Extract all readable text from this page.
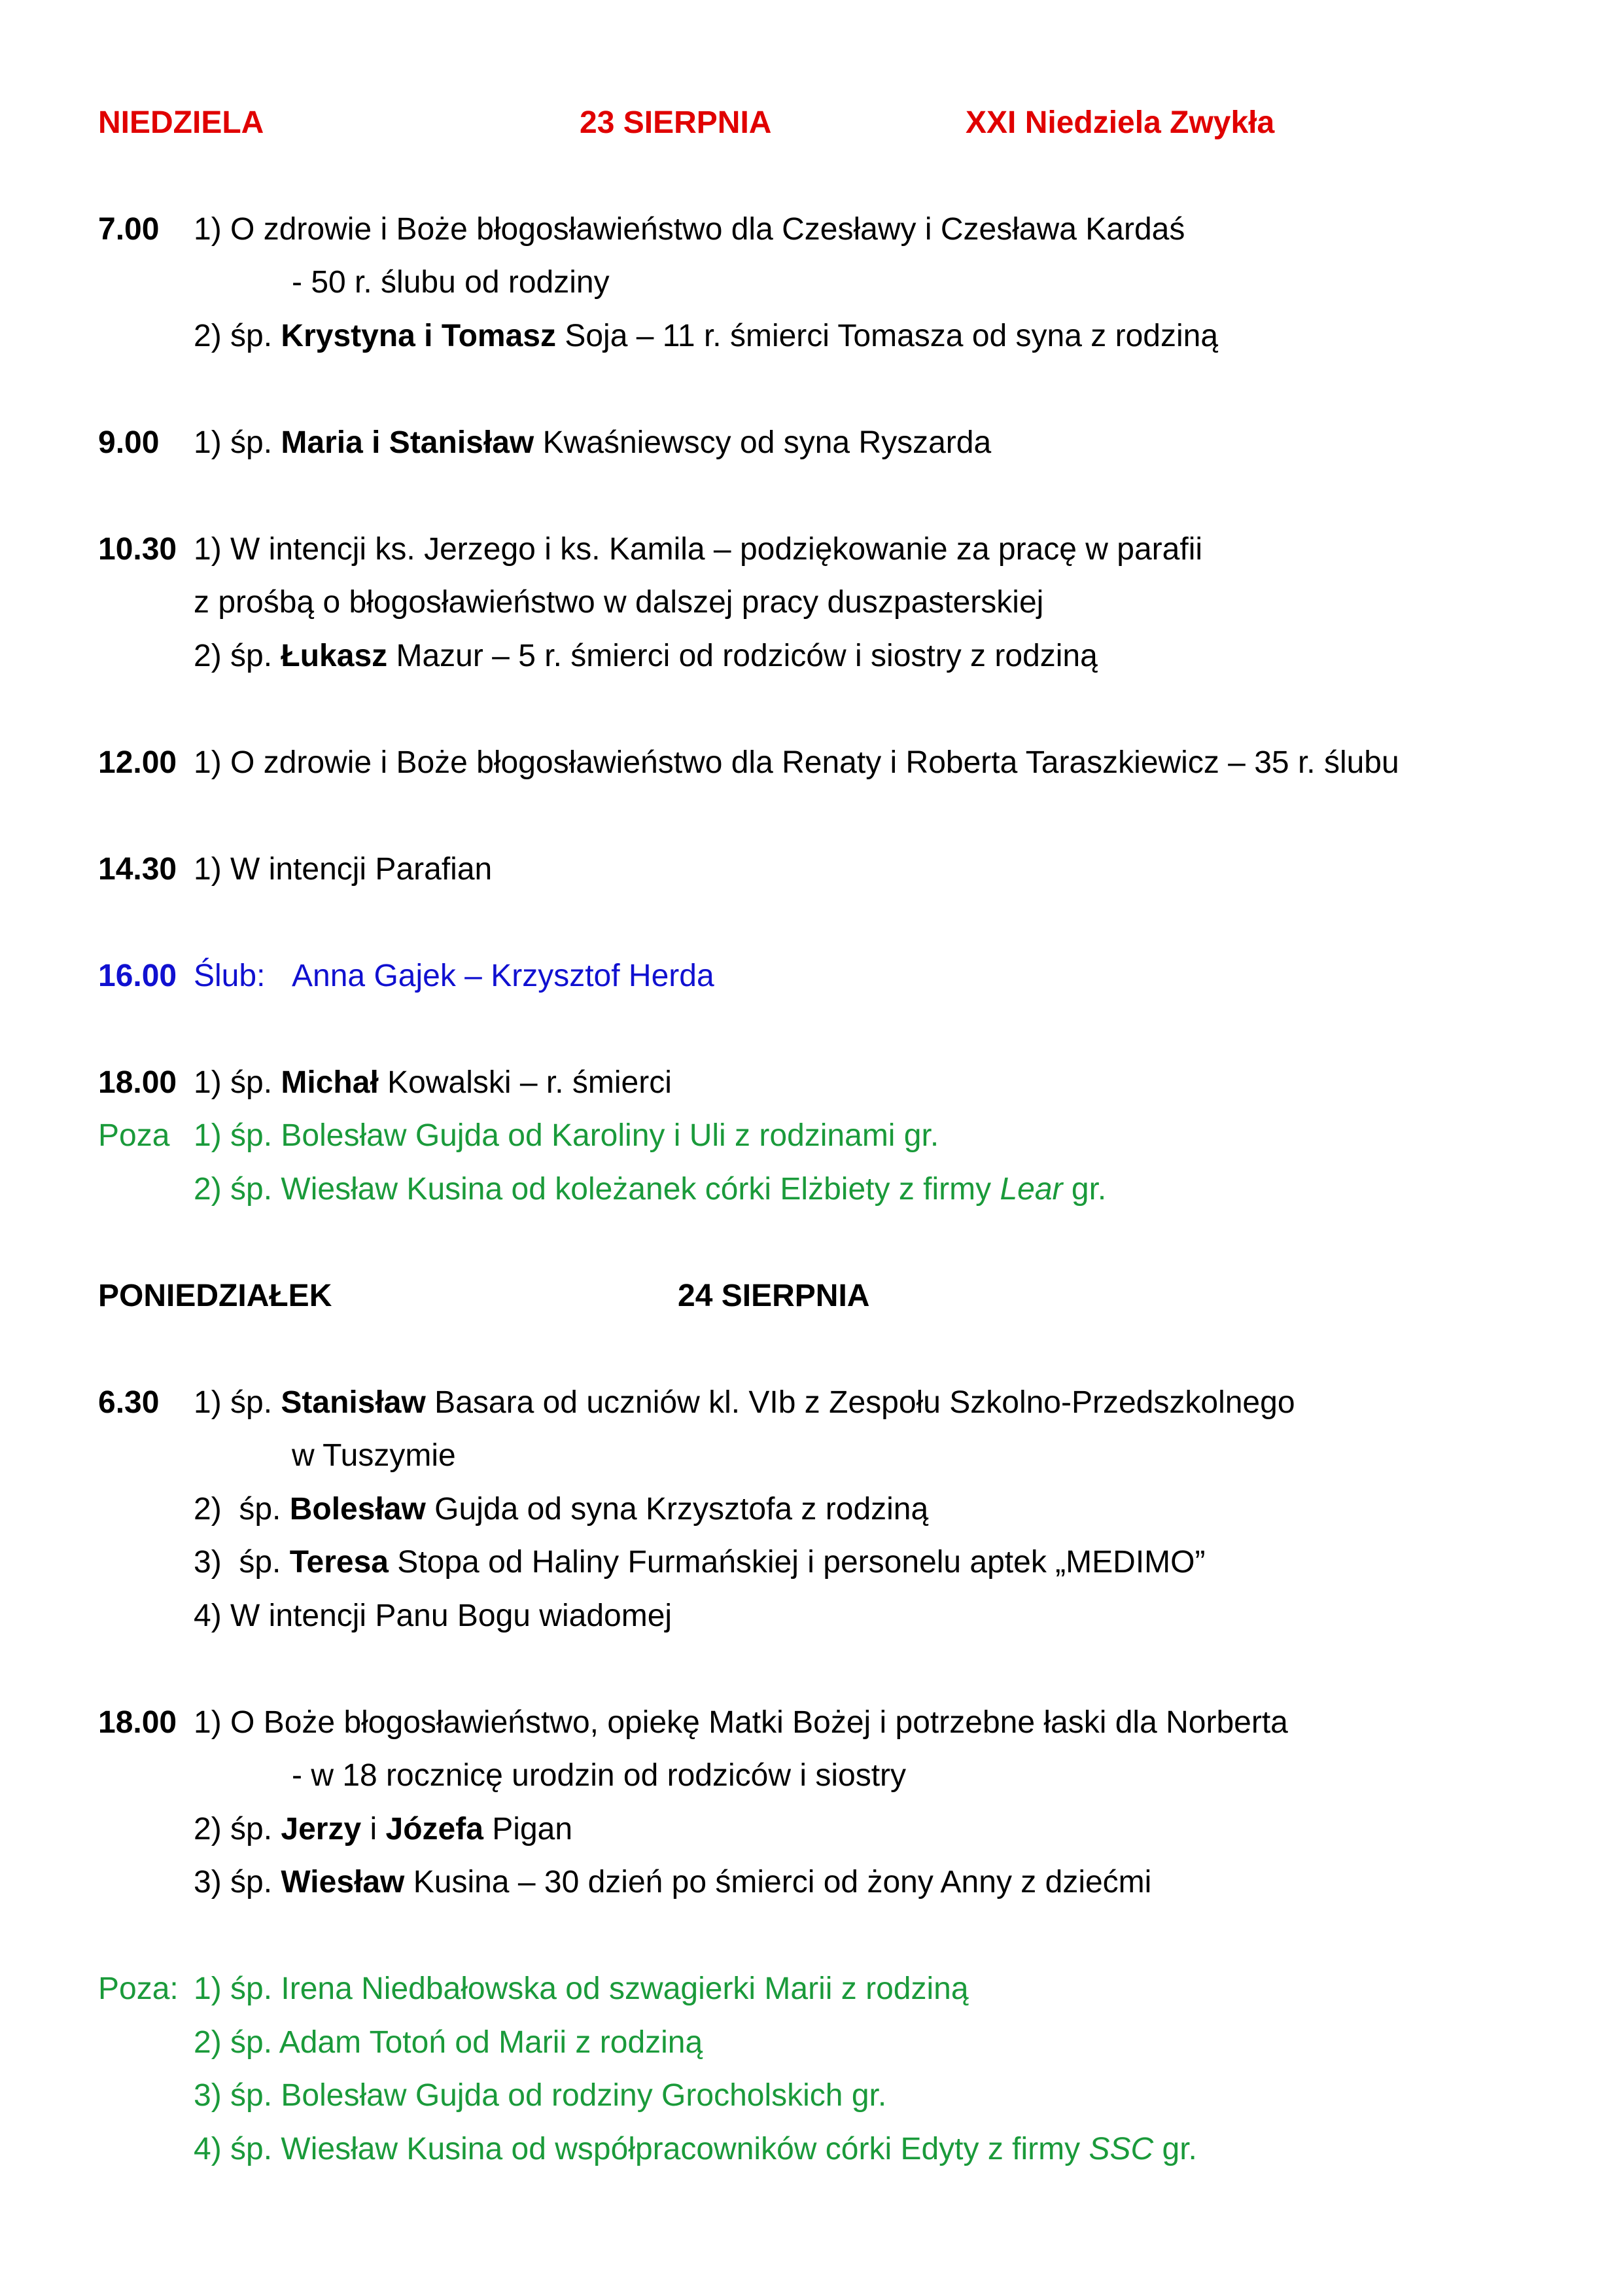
NIEDZIELA	23 SIERPNIA	XXI Niedziela Zwykła
7.00 1) O zdrowie i Boże błogosławieństwo dla Czesławy i Czesława Kardaś
- 50 r. ślubu od rodziny
2) śp. Krystyna i Tomasz Soja – 11 r. śmierci Tomasza od syna z rodziną
9.00 1) śp. Maria i Stanisław Kwaśniewscy od syna Ryszarda
10.30 1) W intencji ks. Jerzego i ks. Kamila – podziękowanie za pracę w parafii
z prośbą o błogosławieństwo w dalszej pracy duszpasterskiej
2) śp. Łukasz Mazur – 5 r. śmierci od rodziców i siostry z rodziną
12.00 1) O zdrowie i Boże błogosławieństwo dla Renaty i Roberta Taraszkiewicz – 35 r. ślubu
14.30 1) W intencji Parafian
16.00 Ślub: Anna Gajek – Krzysztof Herda
18.00 1) śp. Michał Kowalski – r. śmierci
Poza 1) śp. Bolesław Gujda od Karoliny i Uli z rodzinami gr.
2) śp. Wiesław Kusina od koleżanek córki Elżbiety z firmy Lear gr.
PONIEDZIAŁEK	24 SIERPNIA
6.30 1) śp. Stanisław Basara od uczniów kl. VIb z Zespołu Szkolno-Przedszkolnego
w Tuszymie
2) śp. Bolesław Gujda od syna Krzysztofa z rodziną
3) śp. Teresa Stopa od Haliny Furmańskiej i personelu aptek „MEDIMO”
4) W intencji Panu Bogu wiadomej
18.00 1) O Boże błogosławieństwo, opiekę Matki Bożej i potrzebne łaski dla Norberta
- w 18 rocznicę urodzin od rodziców i siostry
2) śp. Jerzy i Józefa Pigan
3) śp. Wiesław Kusina – 30 dzień po śmierci od żony Anny z dziećmi
Poza: 1) śp. Irena Niedbałowska od szwagierki Marii z rodziną
2) śp. Adam Totoń od Marii z rodziną
3) śp. Bolesław Gujda od rodziny Grocholskich gr.
4) śp. Wiesław Kusina od współpracowników córki Edyty z firmy SSC gr.
